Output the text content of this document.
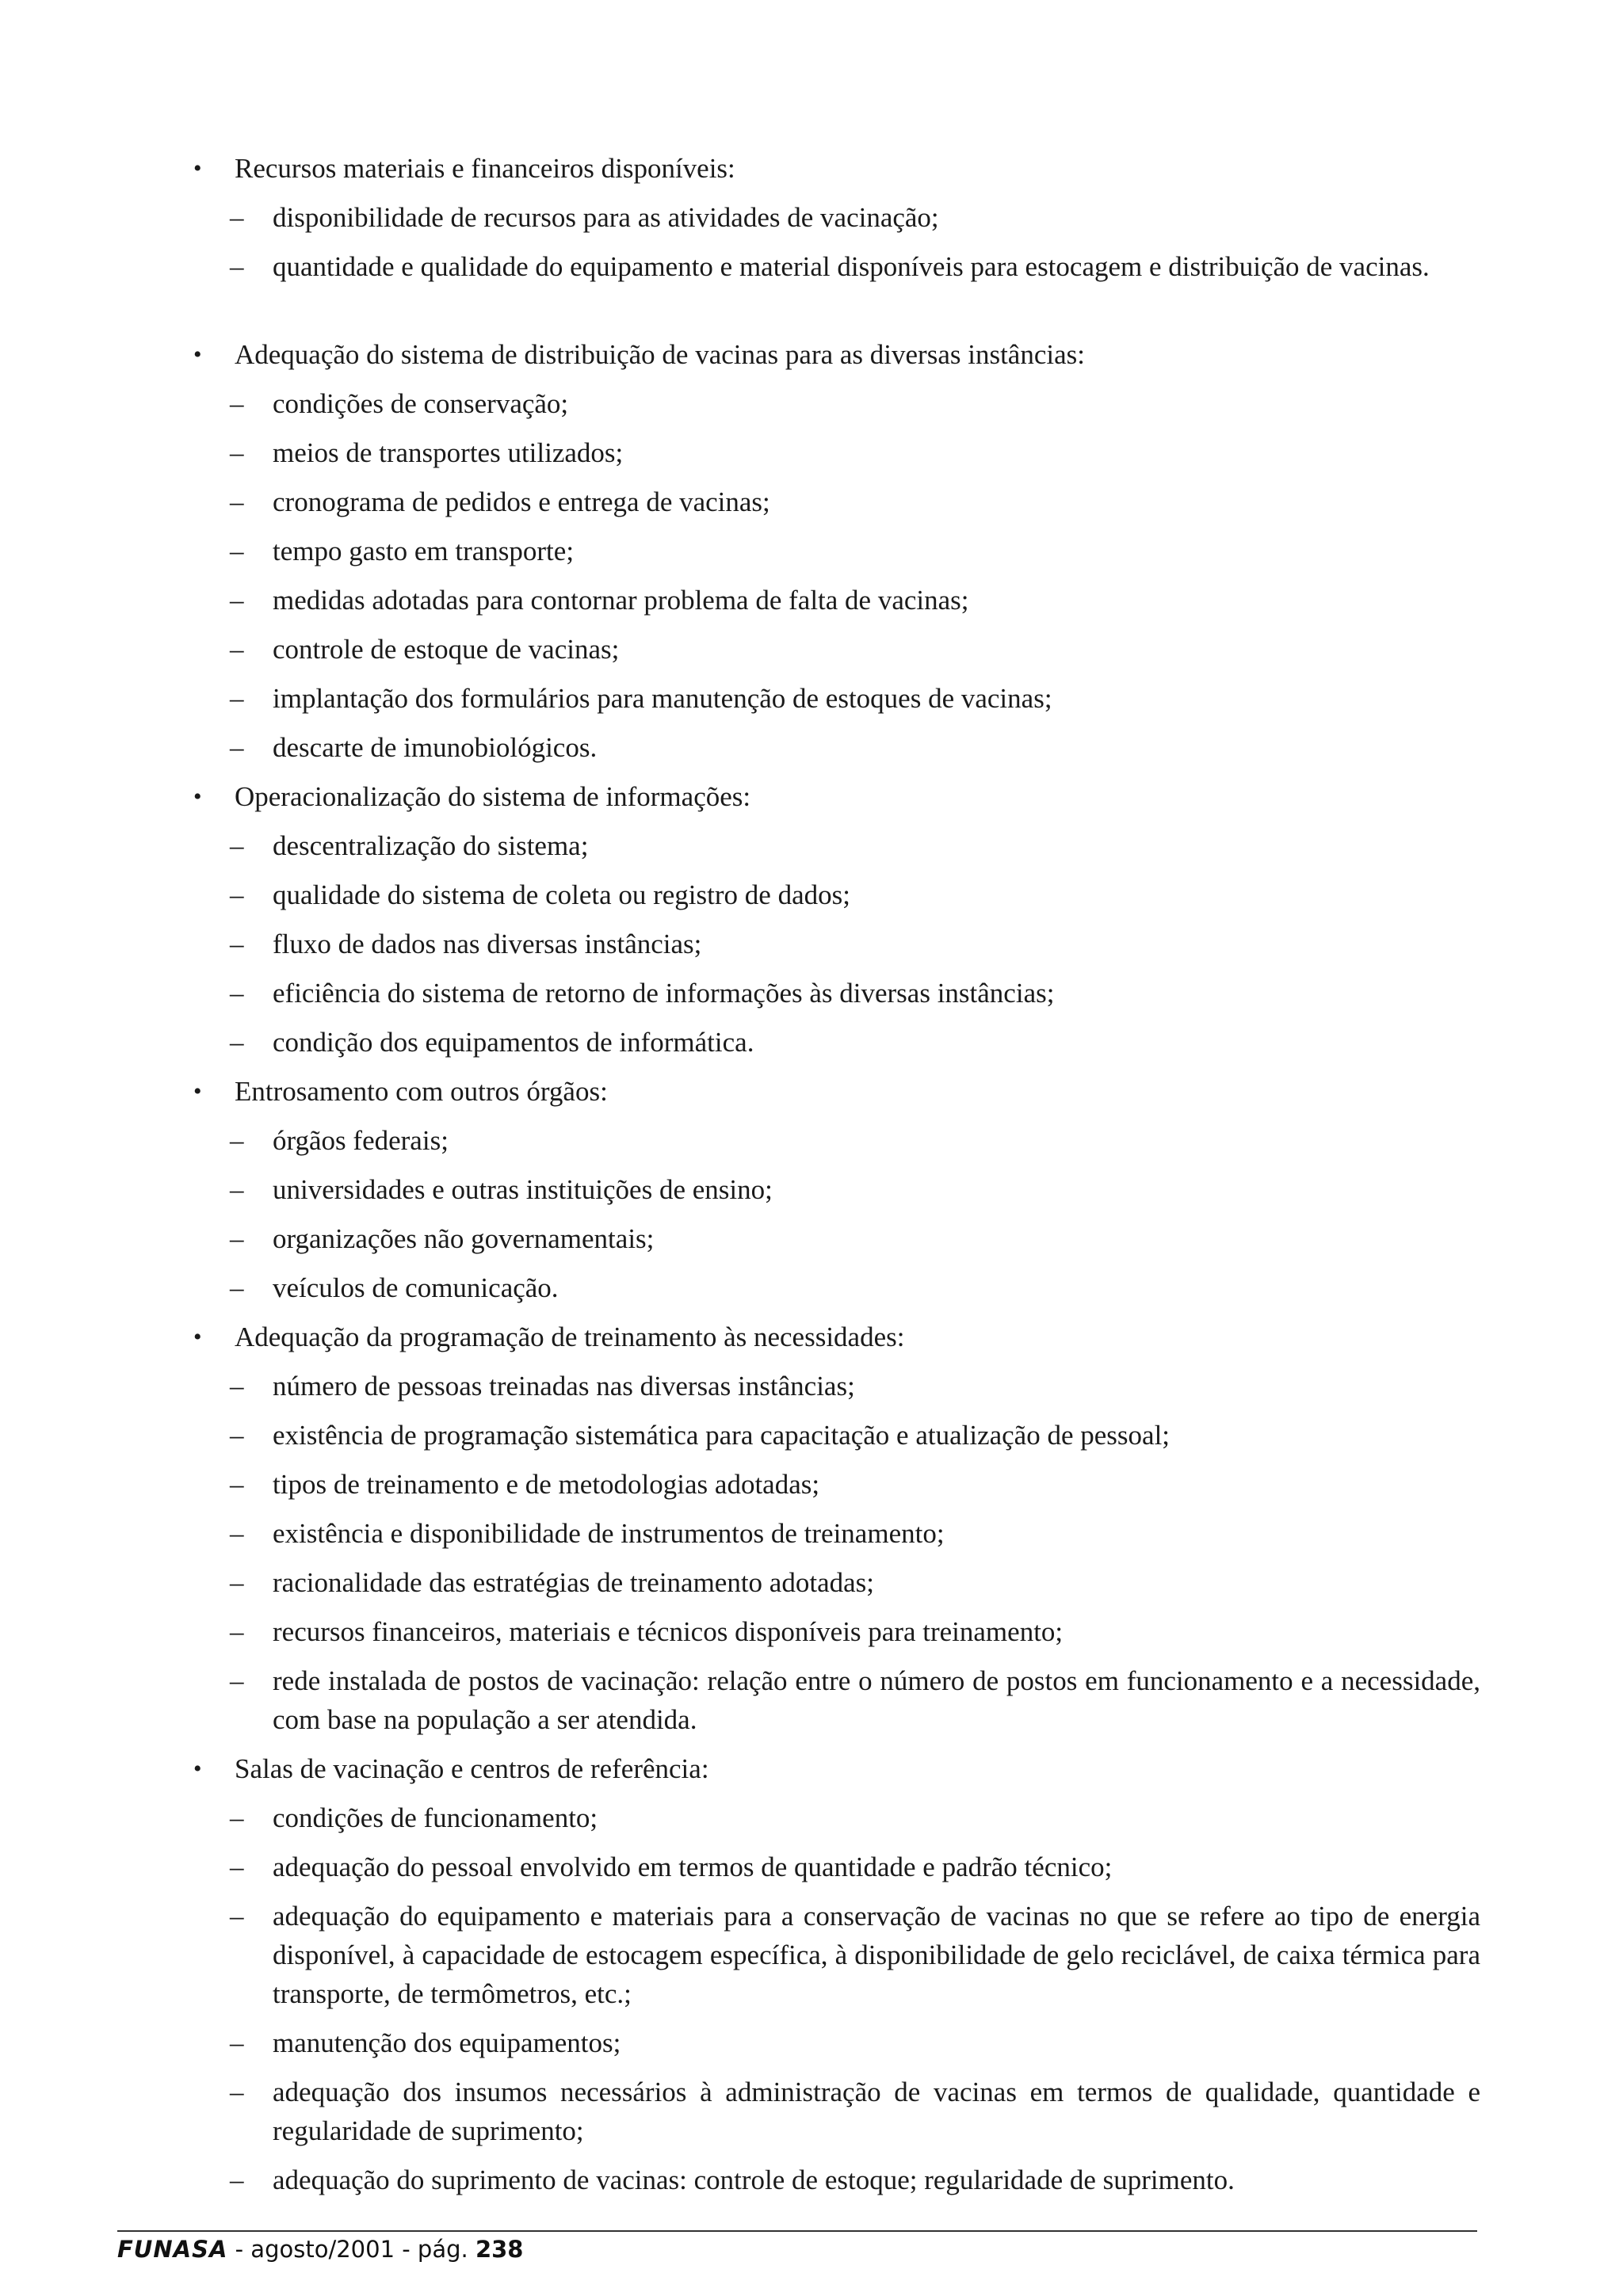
• Recursos materiais e financeiros disponíveis:
– disponibilidade de recursos para as atividades de vacinação;
– quantidade e qualidade do equipamento e material disponíveis para estocagem e distribuição de vacinas.
• Adequação do sistema de distribuição de vacinas para as diversas instâncias:
– condições de conservação;
– meios de transportes utilizados;
– cronograma de pedidos e entrega de vacinas;
– tempo gasto em transporte;
– medidas adotadas para contornar problema de falta de vacinas;
– controle de estoque de vacinas;
– implantação dos formulários para manutenção de estoques de vacinas;
– descarte de imunobiológicos.
• Operacionalização do sistema de informações:
– descentralização do sistema;
– qualidade do sistema de coleta ou registro de dados;
– fluxo de dados nas diversas instâncias;
– eficiência do sistema de retorno de informações às diversas instâncias;
– condição dos equipamentos de informática.
• Entrosamento com outros órgãos:
– órgãos federais;
– universidades e outras instituições de ensino;
– organizações não governamentais;
– veículos de comunicação.
• Adequação da programação de treinamento às necessidades:
– número de pessoas treinadas nas diversas instâncias;
– existência de programação sistemática para capacitação e atualização de pessoal;
– tipos de treinamento e de metodologias adotadas;
– existência e disponibilidade de instrumentos de treinamento;
– racionalidade das estratégias de treinamento adotadas;
– recursos financeiros, materiais e técnicos disponíveis para treinamento;
– rede instalada de postos de vacinação: relação entre o número de postos em funcionamento e a necessidade, com base na população a ser atendida.
• Salas de vacinação e centros de referência:
– condições de funcionamento;
– adequação do pessoal envolvido em termos de quantidade e padrão técnico;
– adequação do equipamento e materiais para a conservação de vacinas no que se refere ao tipo de energia disponível, à capacidade de estocagem específica, à disponibilidade de gelo reciclável, de caixa térmica para transporte, de termômetros, etc.;
– manutenção dos equipamentos;
– adequação dos insumos necessários à administração de vacinas em termos de qualidade, quantidade e regularidade de suprimento;
– adequação do suprimento de vacinas: controle de estoque; regularidade de suprimento.
FUNASA - agosto/2001 - pág. 238
